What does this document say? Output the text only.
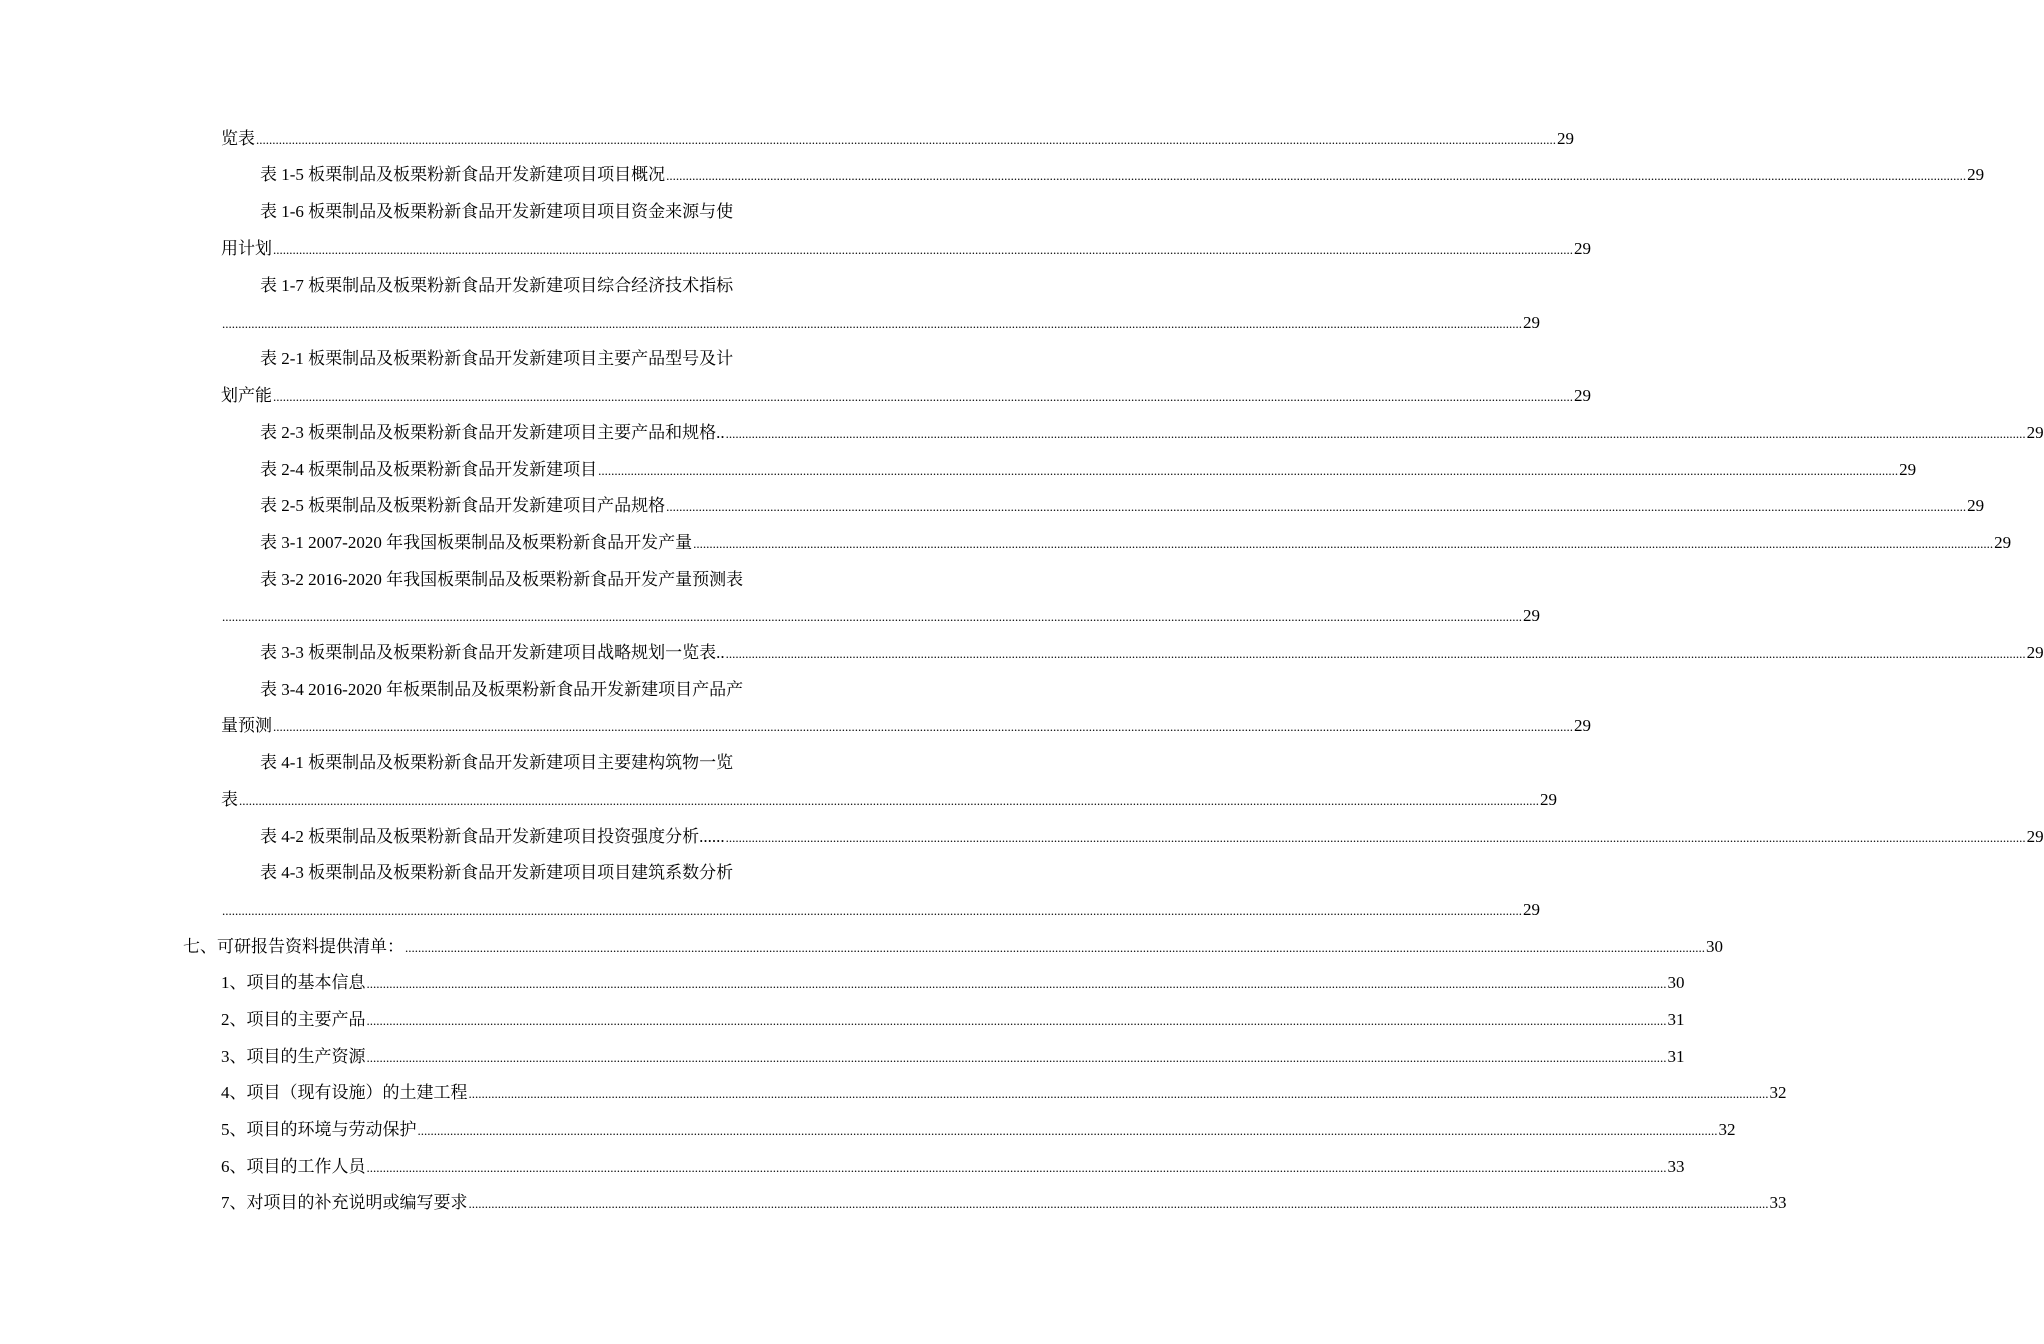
览表 ................................................................................................................................................................................................................................................................................................................................................................................................................ 29
表 1-5 板栗制品及板栗粉新食品开发新建项目项目概况 ................................................................................................................................................................................................................................................................................................................................................................................................................ 29
表 1-6 板栗制品及板栗粉新食品开发新建项目项目资金来源与使
用计划 ................................................................................................................................................................................................................................................................................................................................................................................................................ 29
表 1-7 板栗制品及板栗粉新食品开发新建项目综合经济技术指标
................................................................................................................................................................................................................................................................................................................................................................................................................ 29
表 2-1 板栗制品及板栗粉新食品开发新建项目主要产品型号及计
划产能 ................................................................................................................................................................................................................................................................................................................................................................................................................ 29
表 2-3 板栗制品及板栗粉新食品开发新建项目主要产品和规格.. ................................................................................................................................................................................................................................................................................................................................................................................................................ 29
表 2-4 板栗制品及板栗粉新食品开发新建项目 ................................................................................................................................................................................................................................................................................................................................................................................................................ 29
表 2-5 板栗制品及板栗粉新食品开发新建项目产品规格 ................................................................................................................................................................................................................................................................................................................................................................................................................ 29
表 3-1 2007-2020 年我国板栗制品及板栗粉新食品开发产量 ................................................................................................................................................................................................................................................................................................................................................................................................................ 29
表 3-2 2016-2020 年我国板栗制品及板栗粉新食品开发产量预测表
................................................................................................................................................................................................................................................................................................................................................................................................................ 29
表 3-3 板栗制品及板栗粉新食品开发新建项目战略规划一览表.. ................................................................................................................................................................................................................................................................................................................................................................................................................ 29
表 3-4 2016-2020 年板栗制品及板栗粉新食品开发新建项目产品产
量预测 ................................................................................................................................................................................................................................................................................................................................................................................................................ 29
表 4-1 板栗制品及板栗粉新食品开发新建项目主要建构筑物一览
表 ................................................................................................................................................................................................................................................................................................................................................................................................................ 29
表 4-2 板栗制品及板栗粉新食品开发新建项目投资强度分析...... ................................................................................................................................................................................................................................................................................................................................................................................................................ 29
表 4-3 板栗制品及板栗粉新食品开发新建项目项目建筑系数分析
................................................................................................................................................................................................................................................................................................................................................................................................................ 29
七、可研报告资料提供清单： ................................................................................................................................................................................................................................................................................................................................................................................................................ 30
1、项目的基本信息 ................................................................................................................................................................................................................................................................................................................................................................................................................ 30
2、项目的主要产品 ................................................................................................................................................................................................................................................................................................................................................................................................................ 31
3、项目的生产资源 ................................................................................................................................................................................................................................................................................................................................................................................................................ 31
4、项目（现有设施）的土建工程 ................................................................................................................................................................................................................................................................................................................................................................................................................ 32
5、项目的环境与劳动保护 ................................................................................................................................................................................................................................................................................................................................................................................................................ 32
6、项目的工作人员 ................................................................................................................................................................................................................................................................................................................................................................................................................ 33
7、对项目的补充说明或编写要求 ................................................................................................................................................................................................................................................................................................................................................................................................................ 33
